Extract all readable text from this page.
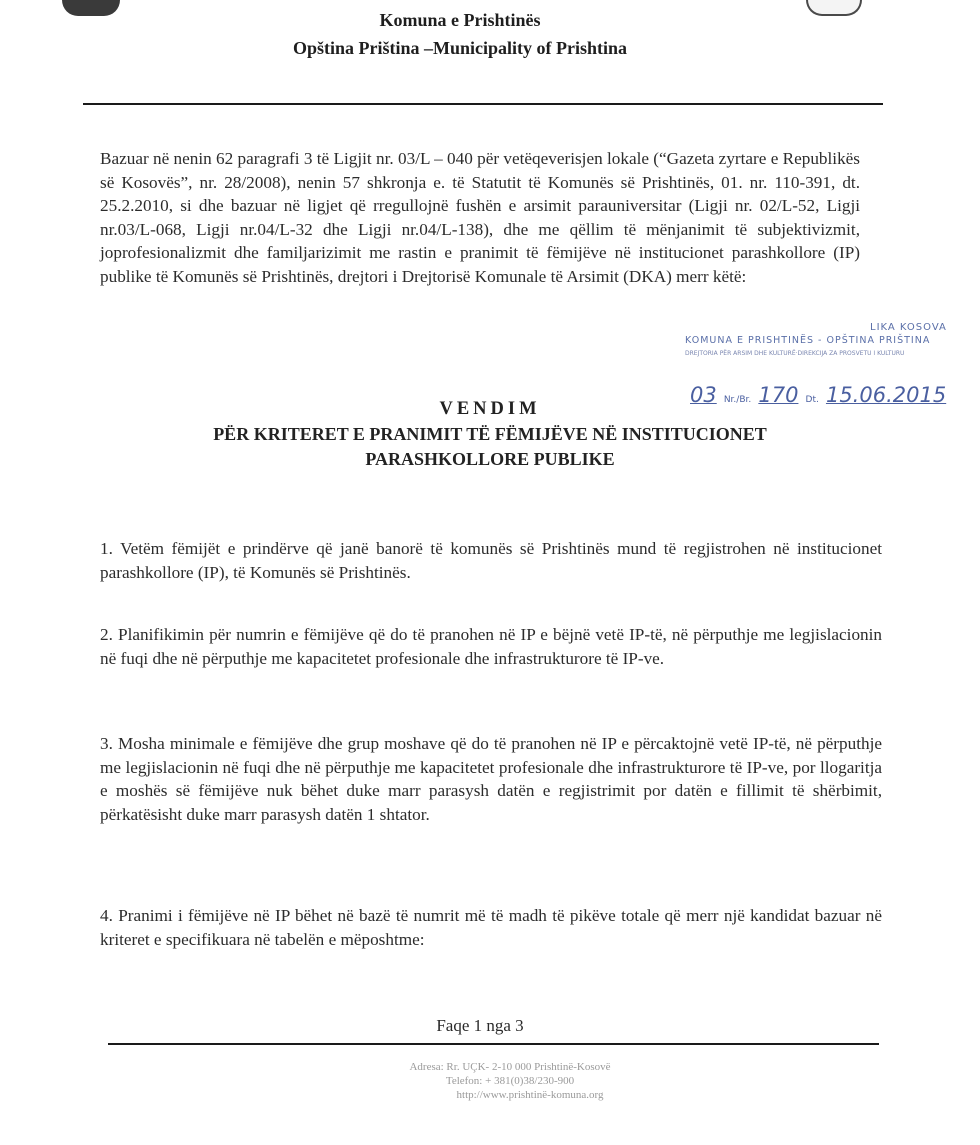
Komuna e Prishtinës
Opština Priština –Municipality of Prishtina
Bazuar në nenin 62 paragrafi 3 të Ligjit nr. 03/L – 040 për vetëqeverisjen lokale (“Gazeta zyrtare e Republikës së Kosovës”, nr. 28/2008), nenin 57 shkronja e. të Statutit të Komunës së Prishtinës, 01. nr. 110-391, dt. 25.2.2010, si dhe bazuar në ligjet që rregullojnë fushën e arsimit parauniversitar (Ligji nr. 02/L-52, Ligji nr.03/L-068, Ligji nr.04/L-32 dhe Ligji nr.04/L-138), dhe me qëllim të mënjanimit të subjektivizmit, joprofesionalizmit dhe familjarizimit me rastin e pranimit të fëmijëve në institucionet parashkollore (IP) publike të Komunës së Prishtinës, drejtori i Drejtorisë Komunale të Arsimit (DKA) merr këtë:
LIKA KOSOVA
KOMUNA E PRISHTINËS - OPŠTINA PRIŠTINA
DREJTORIA PËR ARSIM DHE KULTURË·DIREKCIJA ZA PROSVETU I KULTURU
03 Nr./Br. 170 Dt. 15.06.2015
VENDIM
PËR KRITERET E PRANIMIT TË FËMIJËVE NË INSTITUCIONET
PARASHKOLLORE PUBLIKE
1. Vetëm fëmijët e prindërve që janë banorë të komunës së Prishtinës mund të regjistrohen në institucionet parashkollore (IP), të Komunës së Prishtinës.
2. Planifikimin për numrin e fëmijëve që do të pranohen në IP e bëjnë vetë IP-të, në përputhje me legjislacionin në fuqi dhe në përputhje me kapacitetet profesionale dhe infrastrukturore të IP-ve.
3. Mosha minimale e fëmijëve dhe grup moshave që do të pranohen në IP e përcaktojnë vetë IP-të, në përputhje me legjislacionin në fuqi dhe në përputhje me kapacitetet profesionale dhe infrastrukturore të IP-ve, por llogaritja e moshës së fëmijëve nuk bëhet duke marr parasysh datën e regjistrimit por datën e fillimit të shërbimit, përkatësisht duke marr parasysh datën 1 shtator.
4. Pranimi i fëmijëve në IP bëhet në bazë të numrit më të madh të pikëve totale që merr një kandidat bazuar në kriteret e specifikuara në tabelën e mëposhtme:
Faqe 1 nga 3
Adresa: Rr. UÇK- 2-10 000 Prishtinë-Kosovë
Telefon: + 381(0)38/230-900
http://www.prishtinë-komuna.org
